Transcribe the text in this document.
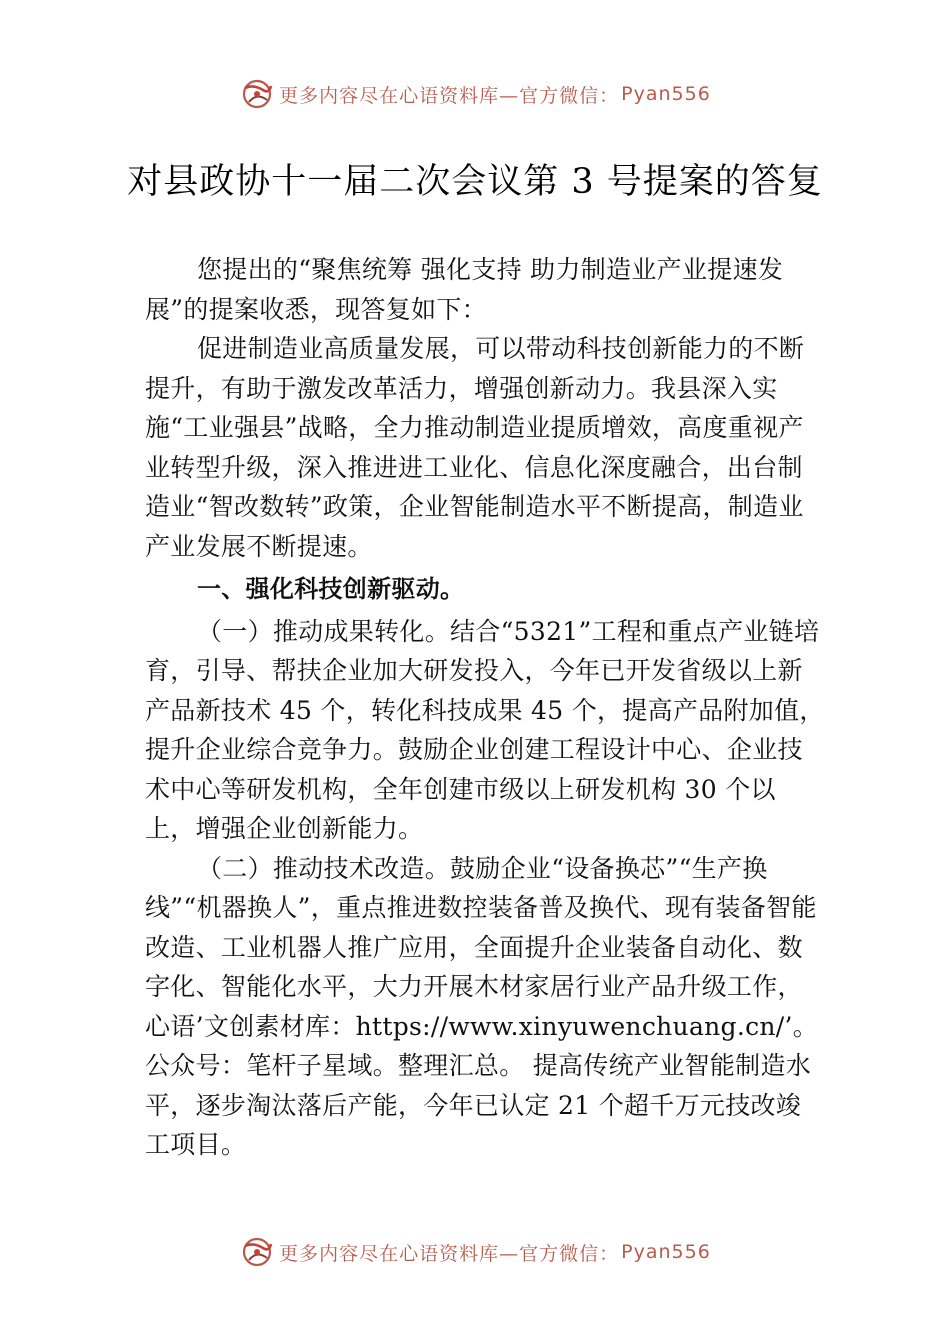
更多内容尽在心语资料库—官方微信： Pyan556
对县政协十一届二次会议第 3 号提案的答复

您提出的“聚焦统筹 强化支持 助力制造业产业提速发展”的提案收悉，现答复如下：

促进制造业高质量发展，可以带动科技创新能力的不断提升，有助于激发改革活力，增强创新动力。我县深入实施“工业强县”战略，全力推动制造业提质增效，高度重视产业转型升级，深入推进进工业化、信息化深度融合，出台制造业“智改数转”政策，企业智能制造水平不断提高，制造业产业发展不断提速。

一、强化科技创新驱动。

（一）推动成果转化。结合“5321”工程和重点产业链培育，引导、帮扶企业加大研发投入，今年已开发省级以上新产品新技术 45 个，转化科技成果 45 个，提高产品附加值，提升企业综合竞争力。鼓励企业创建工程设计中心、企业技术中心等研发机构，全年创建市级以上研发机构 30 个以上，增强企业创新能力。

（二）推动技术改造。鼓励企业“设备换芯”“生产换线”“机器换人”，重点推进数控装备普及换代、现有装备智能改造、工业机器人推广应用，全面提升企业装备自动化、数字化、智能化水平，大力开展木材家居行业产品升级工作，心语’文创素材库：https://www.xinyuwenchuang.cn/’。公众号：笔杆子星域。整理汇总。 提高传统产业智能制造水平，逐步淘汰落后产能，今年已认定 21 个超千万元技改竣工项目。

更多内容尽在心语资料库—官方微信： Pyan556
